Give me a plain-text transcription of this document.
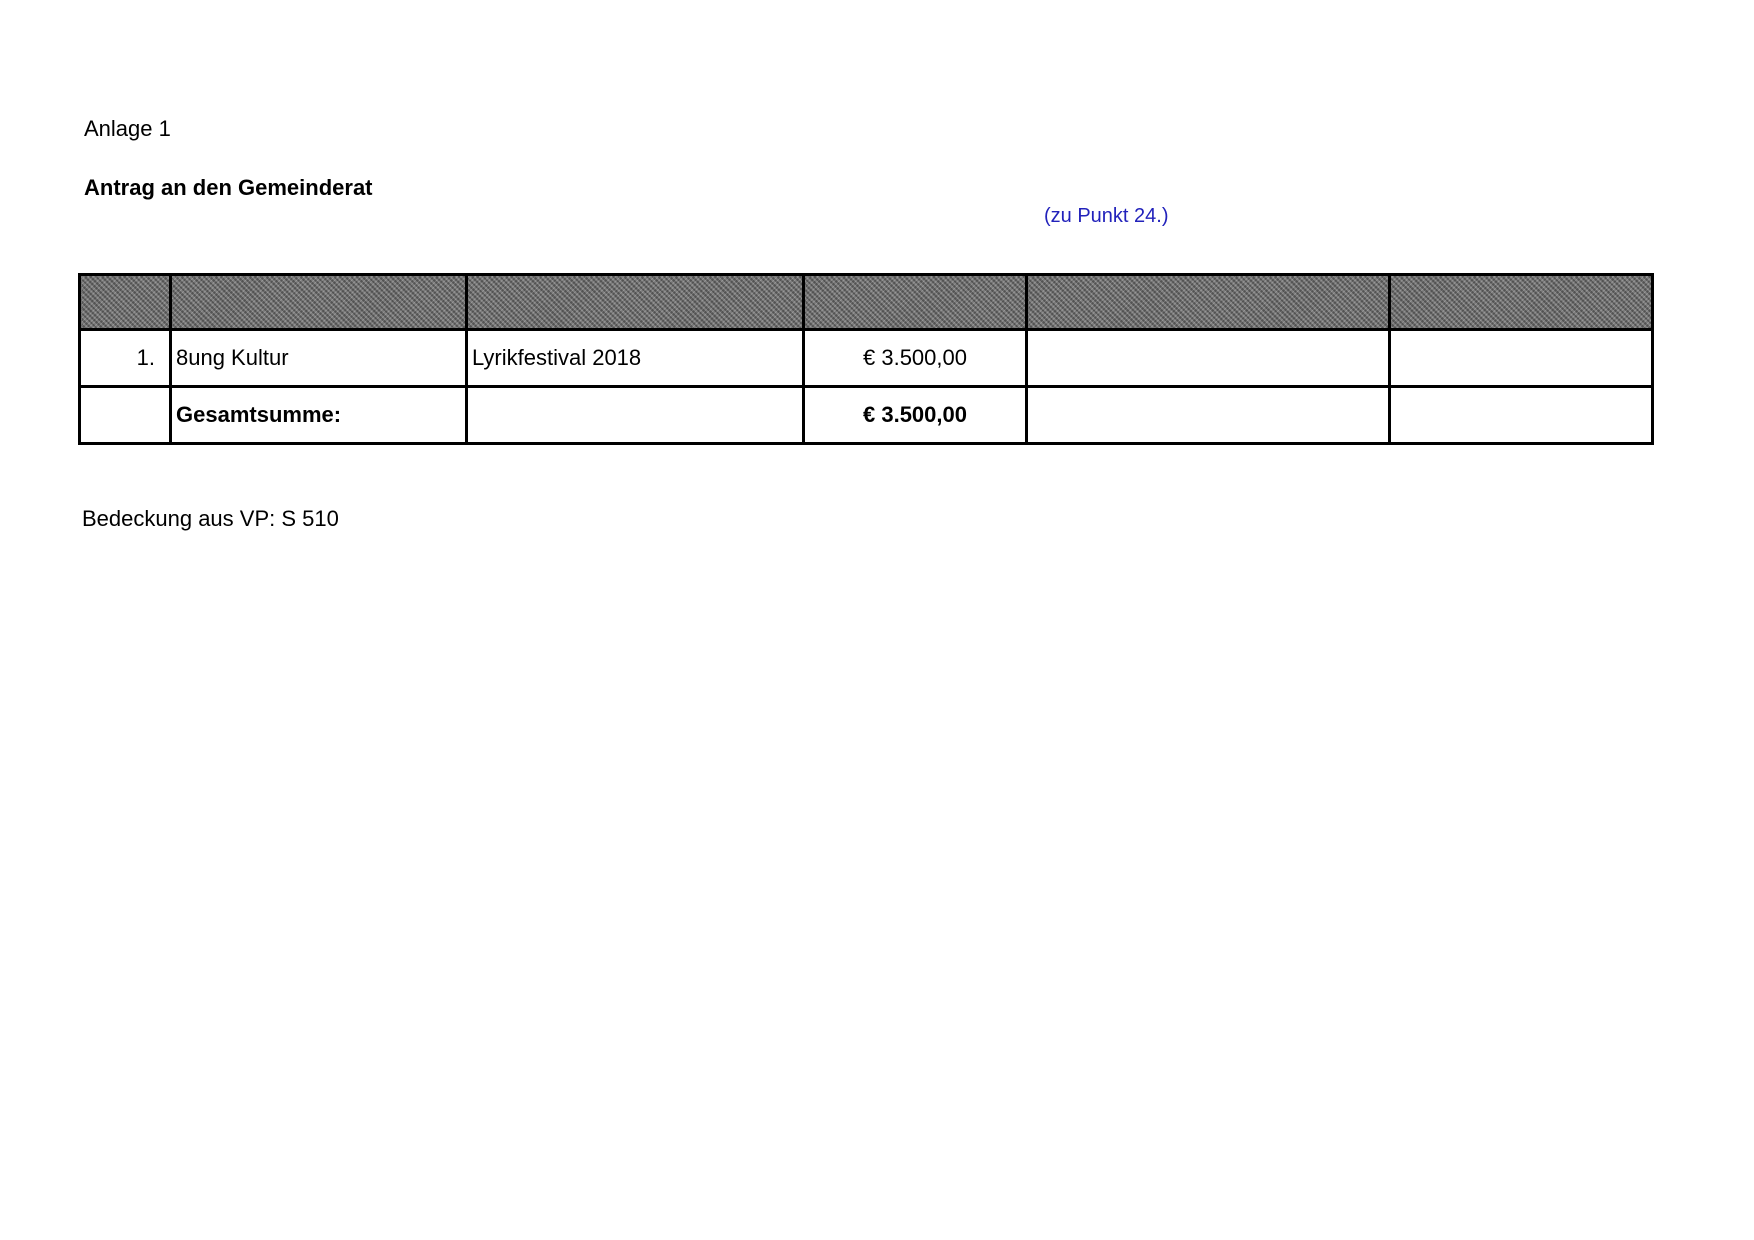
Anlage 1
Antrag an den Gemeinderat
(zu Punkt 24.)

1.	8ung Kultur	Lyrikfestival 2018	€ 3.500,00		
	Gesamtsumme:		€ 3.500,00		
Bedeckung aus VP: S 510
